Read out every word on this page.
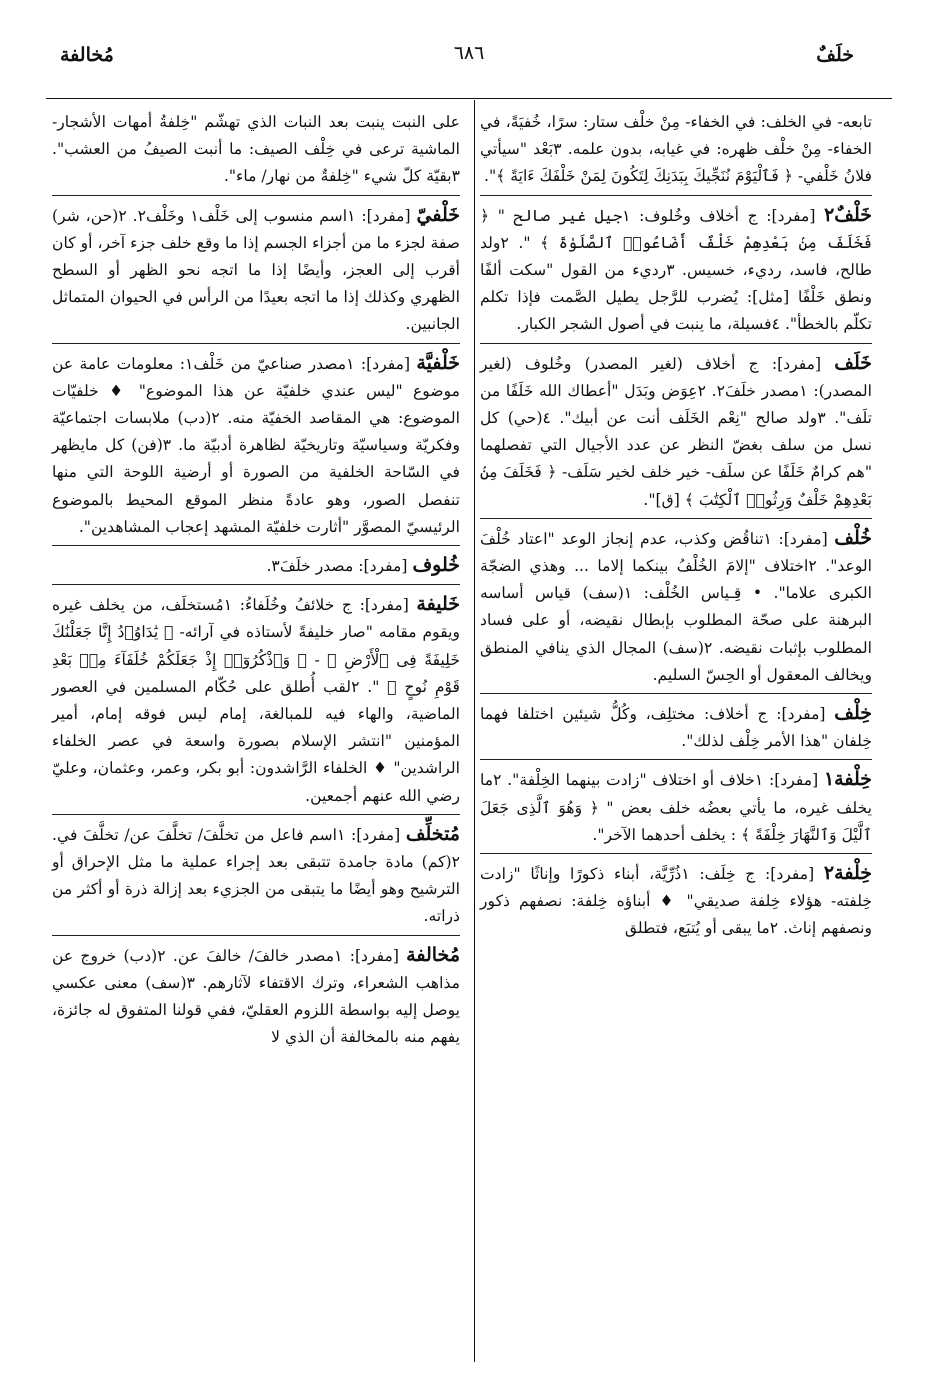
خلَفٌ
٦٨٦
مُخالفة
تابعه- في الخلف: في الخفاء- مِنْ خلْف ستار: سرًا، خُفيَةً، في الخفاء- مِنْ خلْف ظهره: في غيابه، بدون علمه. ٣بَعْد "سيأتي فلانُ خَلْفي- ﴿ فَٱلْيَوْمَ نُنَجِّيكَ بِبَدَنِكَ لِتَكُونَ لِمَنْ خَلْفَكَ ءَايَةً ﴾".
خَلْفٌ٢ [مفرد]: ج أخلاف وخُلوف: ١جيل غير صالح " ﴿ فَخَلَفَ مِنۢ بَعْدِهِمْ خَلْفٌ أَضَاعُوا۟ ٱلصَّلَوٰةَ ﴾ ". ٢ولد طالح، فاسد، رديء، خسيس. ٣رديء من القول "سكت ألفًا ونطق خَلْفًا [مثل]: يُضرب للرَّجل يطيل الصَّمت فإذا تكلم تكلّم بالخطأ". ٤فسيلة، ما ينبت في أصول الشجر الكبار.
خَلَف [مفرد]: ج أخلاف (لغير المصدر) وخُلوف (لغير المصدر): ١مصدر خلَفَ٢. ٢عِوَض وبَدَل "أعطاك الله خَلَفًا من تلَف". ٣ولد صالح "نِعْم الخَلَف أنت عن أبيك". ٤(حي) كل نسل من سلف بغضّ النظر عن عدد الأجيال التي تفصلهما "هم كرامٌ خَلَفًا عن سلَف- خير خلف لخير سَلَف- ﴿ فَخَلَفَ مِنۢ بَعْدِهِمْ خَلْفٌ وَرِثُوا۟ ٱلْكِتَٰبَ ﴾ [ق]".
خُلْف [مفرد]: ١تناقُض وكذب، عدم إنجاز الوعد "اعتاد خُلْفَ الوعد". ٢اختلاف "إلامَ الخُلْفُ بينكما إلاما ... وهذي الضجّة الكبرى علاما". • قِـياس الخُلْف: ١(سف) قياس أساسه البرهنة على صحّة المطلوب بإبطال نقيضه، أو على فساد المطلوب بإثبات نقيضه. ٢(سف) المجال الذي ينافي المنطق ويخالف المعقول أو الحِسّ السليم.
خِلْف [مفرد]: ج أخلاف: مختلِف، وكُلُّ شيئين اختلفا فهما خِلفان "هذا الأمر خِلْف لذلك".
خِلْفة١ [مفرد]: ١خلاف أو اختلاف "زادت بينهما الخِلْفة". ٢ما يخلف غيره، ما يأتي بعضُه خلف بعض " ﴿ وَهُوَ ٱلَّذِى جَعَلَ ٱلَّيْلَ وَٱلنَّهَارَ خِلْفَةً ﴾ : يخلف أحدهما الآخر".
خِلْفة٢ [مفرد]: ج خِلَف: ١ذُرِّيَّة، أبناء ذكورًا وإناثًا "زادت خِلفته- هؤلاء خِلفة صديقي" ♦ أبناؤه خِلفة: نصفهم ذكور ونصفهم إناث. ٢ما يبقى أو يُتبَع، فتطلق
على النبت ينبت بعد النبات الذي تهشّم "خِلفةُ أمهات الأشجار- الماشية ترعى في خِلْف الصيف: ما أنبت الصيفُ من العشب". ٣بقيّة كلّ شيء "خِلفةٌ من نهار/ ماء".
خَلْفيّ [مفرد]: ١اسم منسوب إلى خَلْف١ وخَلْف٢. ٢(حن، شر) صفة لجزء ما من أجزاء الجسم إذا ما وقع خلف جزء آخر، أو كان أقرب إلى العجز، وأيضًا إذا ما اتجه نحو الظهر أو السطح الظهري وكذلك إذا ما اتجه بعيدًا من الرأس في الحيوان المتماثل الجانبين.
خَلْفيَّة [مفرد]: ١مصدر صناعيّ من خَلْف١: معلومات عامة عن موضوع "ليس عندي خلفيّة عن هذا الموضوع" ♦ خلفيّات الموضوع: هي المقاصد الخفيّة منه. ٢(دب) ملابسات اجتماعيّة وفكريّة وسياسيّة وتاريخيّة لظاهرة أدبيّة ما. ٣(فن) كل مايظهر في السّاحة الخلفية من الصورة أو أرضية اللوحة التي منها تنفصل الصور، وهو عادةً منظر الموقع المحيط بالموضوع الرئيسيّ المصوَّر "أثارت خلفيّة المشهد إعجاب المشاهدين".
خُلوف [مفرد]: مصدر خلَفَ٣.
خَليفة [مفرد]: ج خلائفُ وخُلَفاءُ: ١مُستخلَف، من يخلف غيره ويقوم مقامه "صار خليفةً لأستاذه في آرائه- ﴿ يَٰدَاوُۥدُ إِنَّا جَعَلْنَٰكَ خَلِيفَةً فِى ٱلْأَرْضِ ﴾ - ﴿ وَٱذْكُرُوٓا۟ إِذْ جَعَلَكُمْ خُلَفَآءَ مِنۢ بَعْدِ قَوْمِ نُوحٍ ﴾ ". ٢لقب أُطلق على حُكّام المسلمين في العصور الماضية، والهاء فيه للمبالغة، إمام ليس فوقه إمام، أمير المؤمنين "انتشر الإسلام بصورة واسعة في عصر الخلفاء الراشدين" ♦ الخلفاء الرَّاشدون: أبو بكر، وعمر، وعثمان، وعليّ رضي الله عنهم أجمعين.
مُتخلِّف [مفرد]: ١اسم فاعل من تخلَّفَ/ تخلَّفَ عن/ تخلَّفَ في. ٢(كم) مادة جامدة تتبقى بعد إجراء عملية ما مثل الإحراق أو الترشيح وهو أيضًا ما يتبقى من الجزيء بعد إزالة ذرة أو أكثر من ذراته.
مُخالفة [مفرد]: ١مصدر خالفَ/ خالفَ عن. ٢(دب) خروج عن مذاهب الشعراء، وترك الاقتفاء لآثارهم. ٣(سف) معنى عكسي يوصل إليه بواسطة اللزوم العقليّ، ففي قولنا المتفوق له جائزة، يفهم منه بالمخالفة أن الذي لا
